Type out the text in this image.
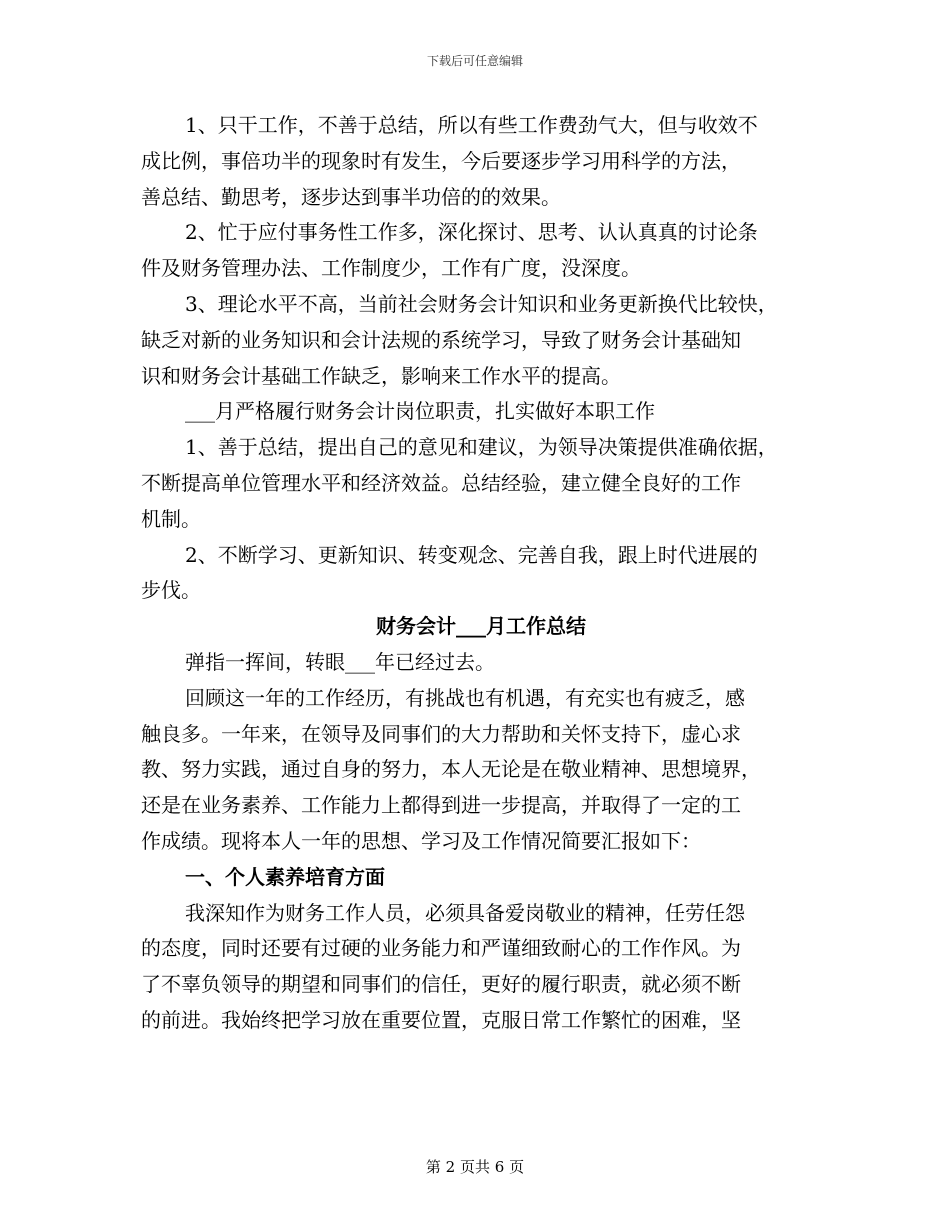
下载后可任意编辑
1、只干工作，不善于总结，所以有些工作费劲气大，但与收效不
成比例，事倍功半的现象时有发生，今后要逐步学习用科学的方法，
善总结、勤思考，逐步达到事半功倍的的效果。
2、忙于应付事务性工作多，深化探讨、思考、认认真真的讨论条
件及财务管理办法、工作制度少，工作有广度，没深度。
3、理论水平不高，当前社会财务会计知识和业务更新换代比较快，
缺乏对新的业务知识和会计法规的系统学习，导致了财务会计基础知
识和财务会计基础工作缺乏，影响来工作水平的提高。
___月严格履行财务会计岗位职责，扎实做好本职工作
1、善于总结，提出自己的意见和建议，为领导决策提供准确依据，
不断提高单位管理水平和经济效益。总结经验，建立健全良好的工作
机制。
2、不断学习、更新知识、转变观念、完善自我，跟上时代进展的
步伐。
财务会计___月工作总结
弹指一挥间，转眼___年已经过去。
回顾这一年的工作经历，有挑战也有机遇，有充实也有疲乏，感
触良多。一年来，在领导及同事们的大力帮助和关怀支持下，虚心求
教、努力实践，通过自身的努力，本人无论是在敬业精神、思想境界，
还是在业务素养、工作能力上都得到进一步提高，并取得了一定的工
作成绩。现将本人一年的思想、学习及工作情况简要汇报如下：
一、个人素养培育方面
我深知作为财务工作人员，必须具备爱岗敬业的精神，任劳任怨
的态度，同时还要有过硬的业务能力和严谨细致耐心的工作作风。为
了不辜负领导的期望和同事们的信任，更好的履行职责，就必须不断
的前进。我始终把学习放在重要位置，克服日常工作繁忙的困难，坚
第 2 页共 6 页
